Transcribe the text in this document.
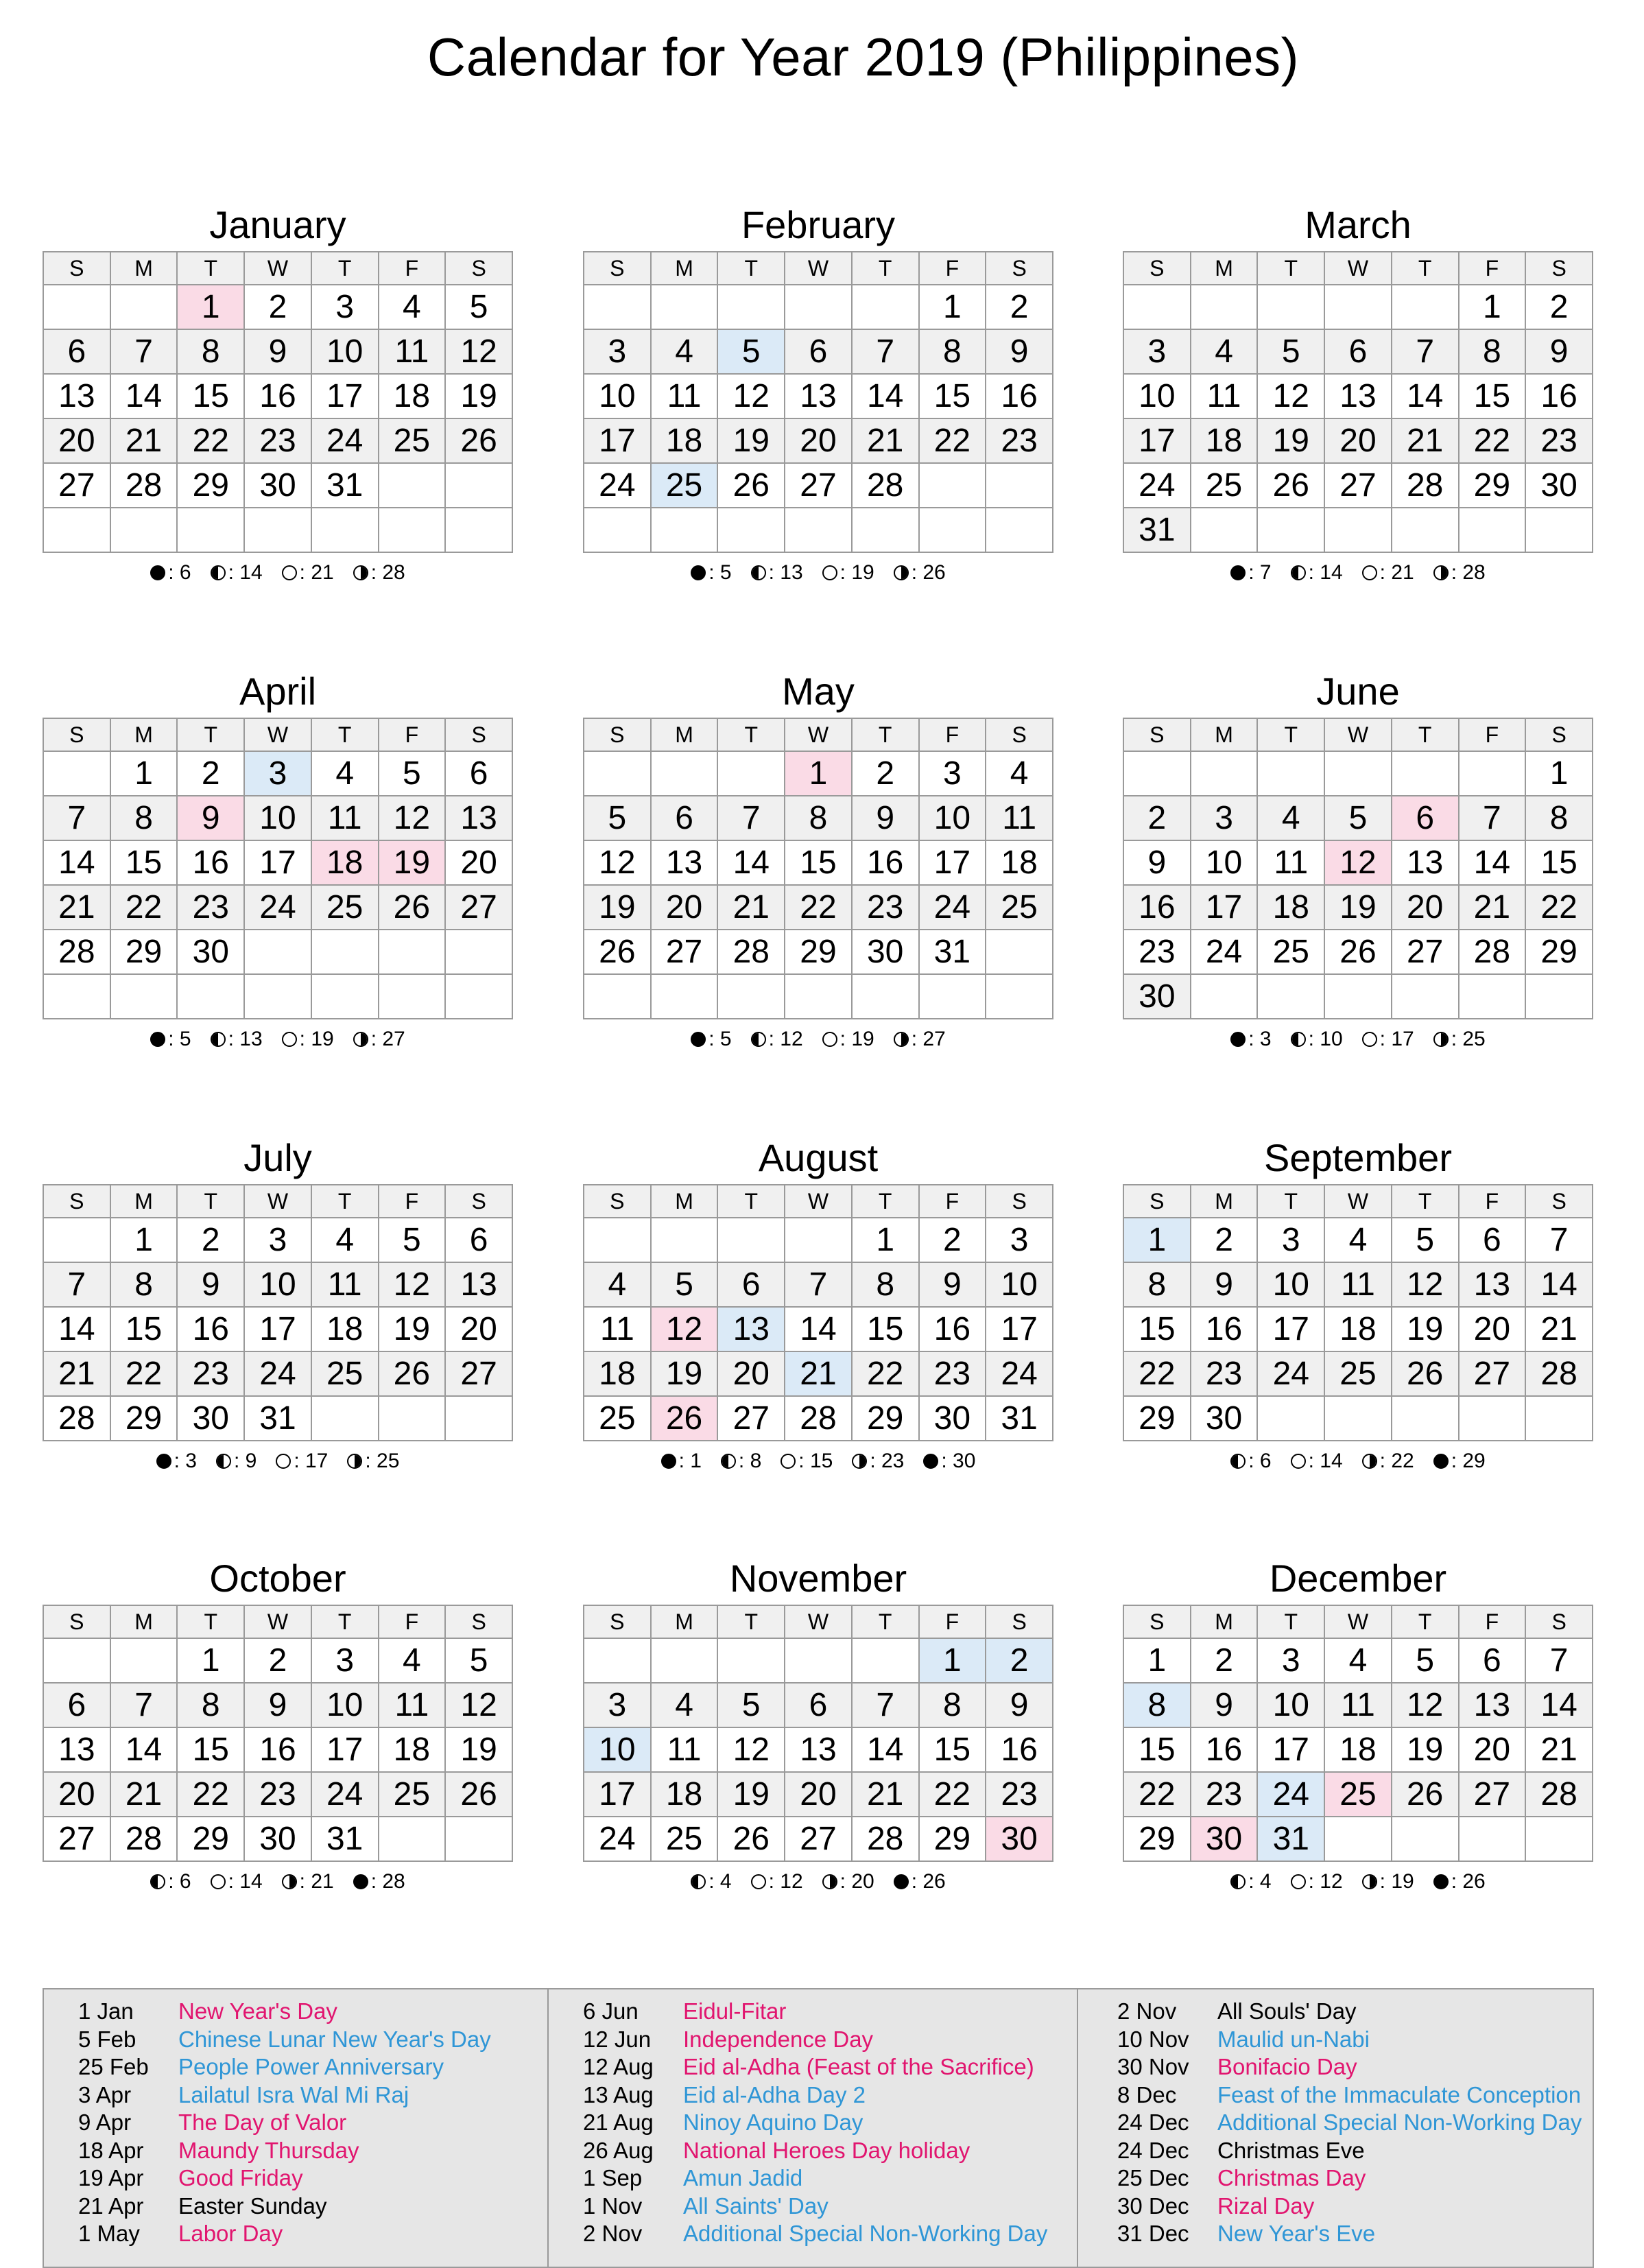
Calendar for Year 2019 (Philippines)
January
S	M	T	W	T	F	S
		1	2	3	4	5
6	7	8	9	10	11	12
13	14	15	16	17	18	19
20	21	22	23	24	25	26
27	28	29	30	31		

: 6 : 14 : 21 : 28
February
S	M	T	W	T	F	S
					1	2
3	4	5	6	7	8	9
10	11	12	13	14	15	16
17	18	19	20	21	22	23
24	25	26	27	28		

: 5 : 13 : 19 : 26
March
S	M	T	W	T	F	S
					1	2
3	4	5	6	7	8	9
10	11	12	13	14	15	16
17	18	19	20	21	22	23
24	25	26	27	28	29	30
31						
: 7 : 14 : 21 : 28
April
S	M	T	W	T	F	S
	1	2	3	4	5	6
7	8	9	10	11	12	13
14	15	16	17	18	19	20
21	22	23	24	25	26	27
28	29	30				

: 5 : 13 : 19 : 27
May
S	M	T	W	T	F	S
			1	2	3	4
5	6	7	8	9	10	11
12	13	14	15	16	17	18
19	20	21	22	23	24	25
26	27	28	29	30	31	

: 5 : 12 : 19 : 27
June
S	M	T	W	T	F	S
						1
2	3	4	5	6	7	8
9	10	11	12	13	14	15
16	17	18	19	20	21	22
23	24	25	26	27	28	29
30						
: 3 : 10 : 17 : 25
July
S	M	T	W	T	F	S
	1	2	3	4	5	6
7	8	9	10	11	12	13
14	15	16	17	18	19	20
21	22	23	24	25	26	27
28	29	30	31			
: 3 : 9 : 17 : 25
August
S	M	T	W	T	F	S
				1	2	3
4	5	6	7	8	9	10
11	12	13	14	15	16	17
18	19	20	21	22	23	24
25	26	27	28	29	30	31
: 1 : 8 : 15 : 23 : 30
September
S	M	T	W	T	F	S
1	2	3	4	5	6	7
8	9	10	11	12	13	14
15	16	17	18	19	20	21
22	23	24	25	26	27	28
29	30					
: 6 : 14 : 22 : 29
October
S	M	T	W	T	F	S
		1	2	3	4	5
6	7	8	9	10	11	12
13	14	15	16	17	18	19
20	21	22	23	24	25	26
27	28	29	30	31		
: 6 : 14 : 21 : 28
November
S	M	T	W	T	F	S
					1	2
3	4	5	6	7	8	9
10	11	12	13	14	15	16
17	18	19	20	21	22	23
24	25	26	27	28	29	30
: 4 : 12 : 20 : 26
December
S	M	T	W	T	F	S
1	2	3	4	5	6	7
8	9	10	11	12	13	14
15	16	17	18	19	20	21
22	23	24	25	26	27	28
29	30	31				
: 4 : 12 : 19 : 26
1 Jan New Year's Day
5 Feb Chinese Lunar New Year's Day
25 Feb People Power Anniversary
3 Apr Lailatul Isra Wal Mi Raj
9 Apr The Day of Valor
18 Apr Maundy Thursday
19 Apr Good Friday
21 Apr Easter Sunday
1 May Labor Day
6 Jun Eidul-Fitar
12 Jun Independence Day
12 Aug Eid al-Adha (Feast of the Sacrifice)
13 Aug Eid al-Adha Day 2
21 Aug Ninoy Aquino Day
26 Aug National Heroes Day holiday
1 Sep Amun Jadid
1 Nov All Saints' Day
2 Nov Additional Special Non-Working Day
2 Nov All Souls' Day
10 Nov Maulid un-Nabi
30 Nov Bonifacio Day
8 Dec Feast of the Immaculate Conception
24 Dec Additional Special Non-Working Day
24 Dec Christmas Eve
25 Dec Christmas Day
30 Dec Rizal Day
31 Dec New Year's Eve
